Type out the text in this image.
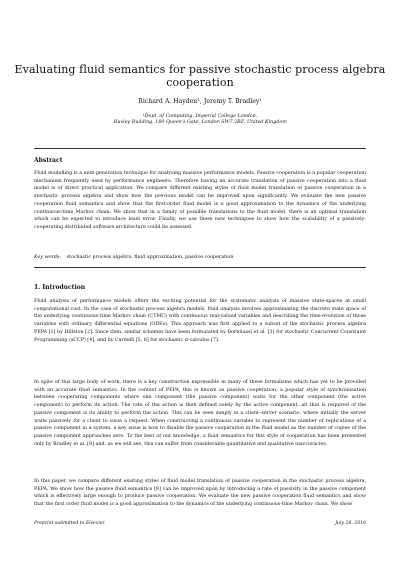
Evaluating fluid semantics for passive stochastic process algebra cooperation
Richard A. Hayden¹, Jeremy T. Bradley¹
¹Dept. of Computing, Imperial College London,
Huxley Building, 180 Queen's Gate, London SW7 2BZ, United Kingdom
Abstract

Fluid modelling is a next-generation technique for analysing massive performance models. Passive cooperation is a popular cooperation mechanism frequently used by performance engineers. Therefore having an accurate translation of passive cooperation into a fluid model is of direct practical application. We compare different existing styles of fluid model translation of passive cooperation in a stochastic process algebra and show how the previous model can be improved upon significantly. We evaluate the new passive cooperation fluid semantics and show that the first-order fluid model is a good approximation to the dynamics of the underlying continuous-time Markov chain. We show that in a family of possible translations to the fluid model, there is an optimal translation which can be expected to introduce least error. Finally, we use these new techniques to show how the scalability of a passively-cooperating distributed software architecture could be assessed.

Key words: stochastic process algebra, fluid approximation, passive cooperation
1. Introduction

Fluid analysis of performance models offers the exciting potential for the systematic analysis of massive state-spaces at small computational cost. In the case of stochastic process algebra models, fluid analysis involves approximating the discrete state space of the underlying continuous-time Markov chain (CTMC) with continuous real-valued variables and describing the time-evolution of those variables with ordinary differential equations (ODEs). This approach was first applied to a subset of the stochastic process algebra PEPA [1] by Hillston [2]. Since then, similar schemes have been formulated by Bortolussi et al. [3] for stochastic Concurrent Constraint Programming (sCCP) [4], and by Cardelli [5, 6] for stochastic π-calculus [7].

In spite of this large body of work, there is a key construction expressible in many of these formalisms which has yet to be provided with an accurate fluid semantics. In the context of PEPA, this is known as passive cooperation, a popular style of synchronisation between cooperating components where one component (the passive component) waits for the other component (the active component) to perform its action. The rate of the action is then defined solely by the active component; all that is required of the passive component is its ability to perform the action. This can be seen simply in a client–server scenario, where initially the server waits passively for a client to issue a request. When constructing a continuous variable to represent the number of replications of a passive component in a system, a key issue is how to disable the passive cooperation in the fluid model as the number of copies of the passive component approaches zero. To the best of our knowledge, a fluid semantics for this style of cooperation has been presented only by Bradley et al. [8] and, as we will see, this can suffer from considerable quantitative and qualitative inaccuracies.

In this paper, we compare different existing styles of fluid model translation of passive cooperation in the stochastic process algebra, PEPA. We show how the passive fluid semantics [8] can be improved upon by introducing a rate of passivity in the passive component which is effectively large enough to produce passive cooperation. We evaluate the new passive cooperation fluid semantics and show that the first order fluid model is a good approximation to the dynamics of the underlying continuous-time Markov chain. We show

Preprint submitted to Elsevier	July 28, 2010
